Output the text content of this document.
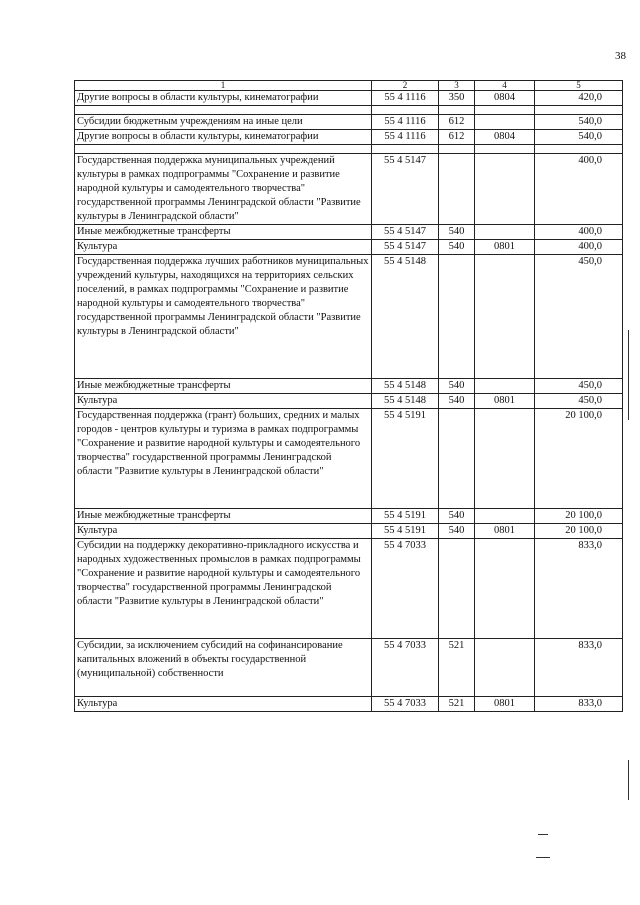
38
1	2	3	4	5
Другие вопросы в области культуры, кинематографии	55 4 1116	350	0804	420,0

Субсидии бюджетным учреждениям на иные цели	55 4 1116	612		540,0
Другие вопросы в области культуры, кинематографии	55 4 1116	612	0804	540,0

Государственная поддержка муниципальных учреждений культуры в рамках подпрограммы "Сохранение и развитие народной культуры и самодеятельного творчества" государственной программы Ленинградской области "Развитие культуры в Ленинградской области"	55 4 5147			400,0
Иные межбюджетные трансферты	55 4 5147	540		400,0
Культура	55 4 5147	540	0801	400,0
Государственная поддержка лучших работников муниципальных учреждений культуры, находящихся на территориях сельских поселений, в рамках подпрограммы "Сохранение и развитие народной культуры и самодеятельного творчества" государственной программы Ленинградской области "Развитие культуры в Ленинградской области"	55 4 5148			450,0
Иные межбюджетные трансферты	55 4 5148	540		450,0
Культура	55 4 5148	540	0801	450,0
Государственная поддержка (грант) больших, средних и малых городов - центров культуры и туризма в рамках подпрограммы "Сохранение и развитие народной культуры и самодеятельного творчества" государственной программы Ленинградской области "Развитие культуры в Ленинградской области"	55 4 5191			20 100,0
Иные межбюджетные трансферты	55 4 5191	540		20 100,0
Культура	55 4 5191	540	0801	20 100,0
Субсидии на поддержку декоративно-прикладного искусства и народных художественных промыслов в рамках подпрограммы "Сохранение и развитие народной культуры и самодеятельного творчества" государственной программы Ленинградской области "Развитие культуры в Ленинградской области"	55 4 7033			833,0
Субсидии, за исключением субсидий на софинансирование капитальных вложений в объекты государственной (муниципальной) собственности	55 4 7033	521		833,0
Культура	55 4 7033	521	0801	833,0
